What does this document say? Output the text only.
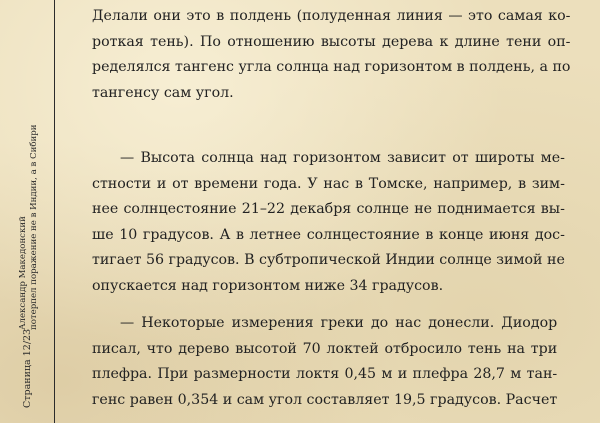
Александр Македонский потерпел поражение не в Индии, а в Сибири
Страница 12/23

Делали они это в полдень (полуденная линия — это самая ко-
роткая тень). По отношению высоты дерева к длине тени оп-
ределялся тангенс угла солнца над горизонтом в полдень, а по
тангенсу сам угол.

— Высота солнца над горизонтом зависит от широты ме-
стности и от времени года. У нас в Томске, например, в зим-
нее солнцестояние 21–22 декабря солнце не поднимается вы-
ше 10 градусов. А в летнее солнцестояние в конце июня дос-
тигает 56 градусов. В субтропической Индии солнце зимой не
опускается над горизонтом ниже 34 градусов.

— Некоторые измерения греки до нас донесли. Диодор
писал, что дерево высотой 70 локтей отбросило тень на три
плефра. При размерности локтя 0,45 м и плефра 28,7 м тан-
генс равен 0,354 и сам угол составляет 19,5 градусов. Расчет
